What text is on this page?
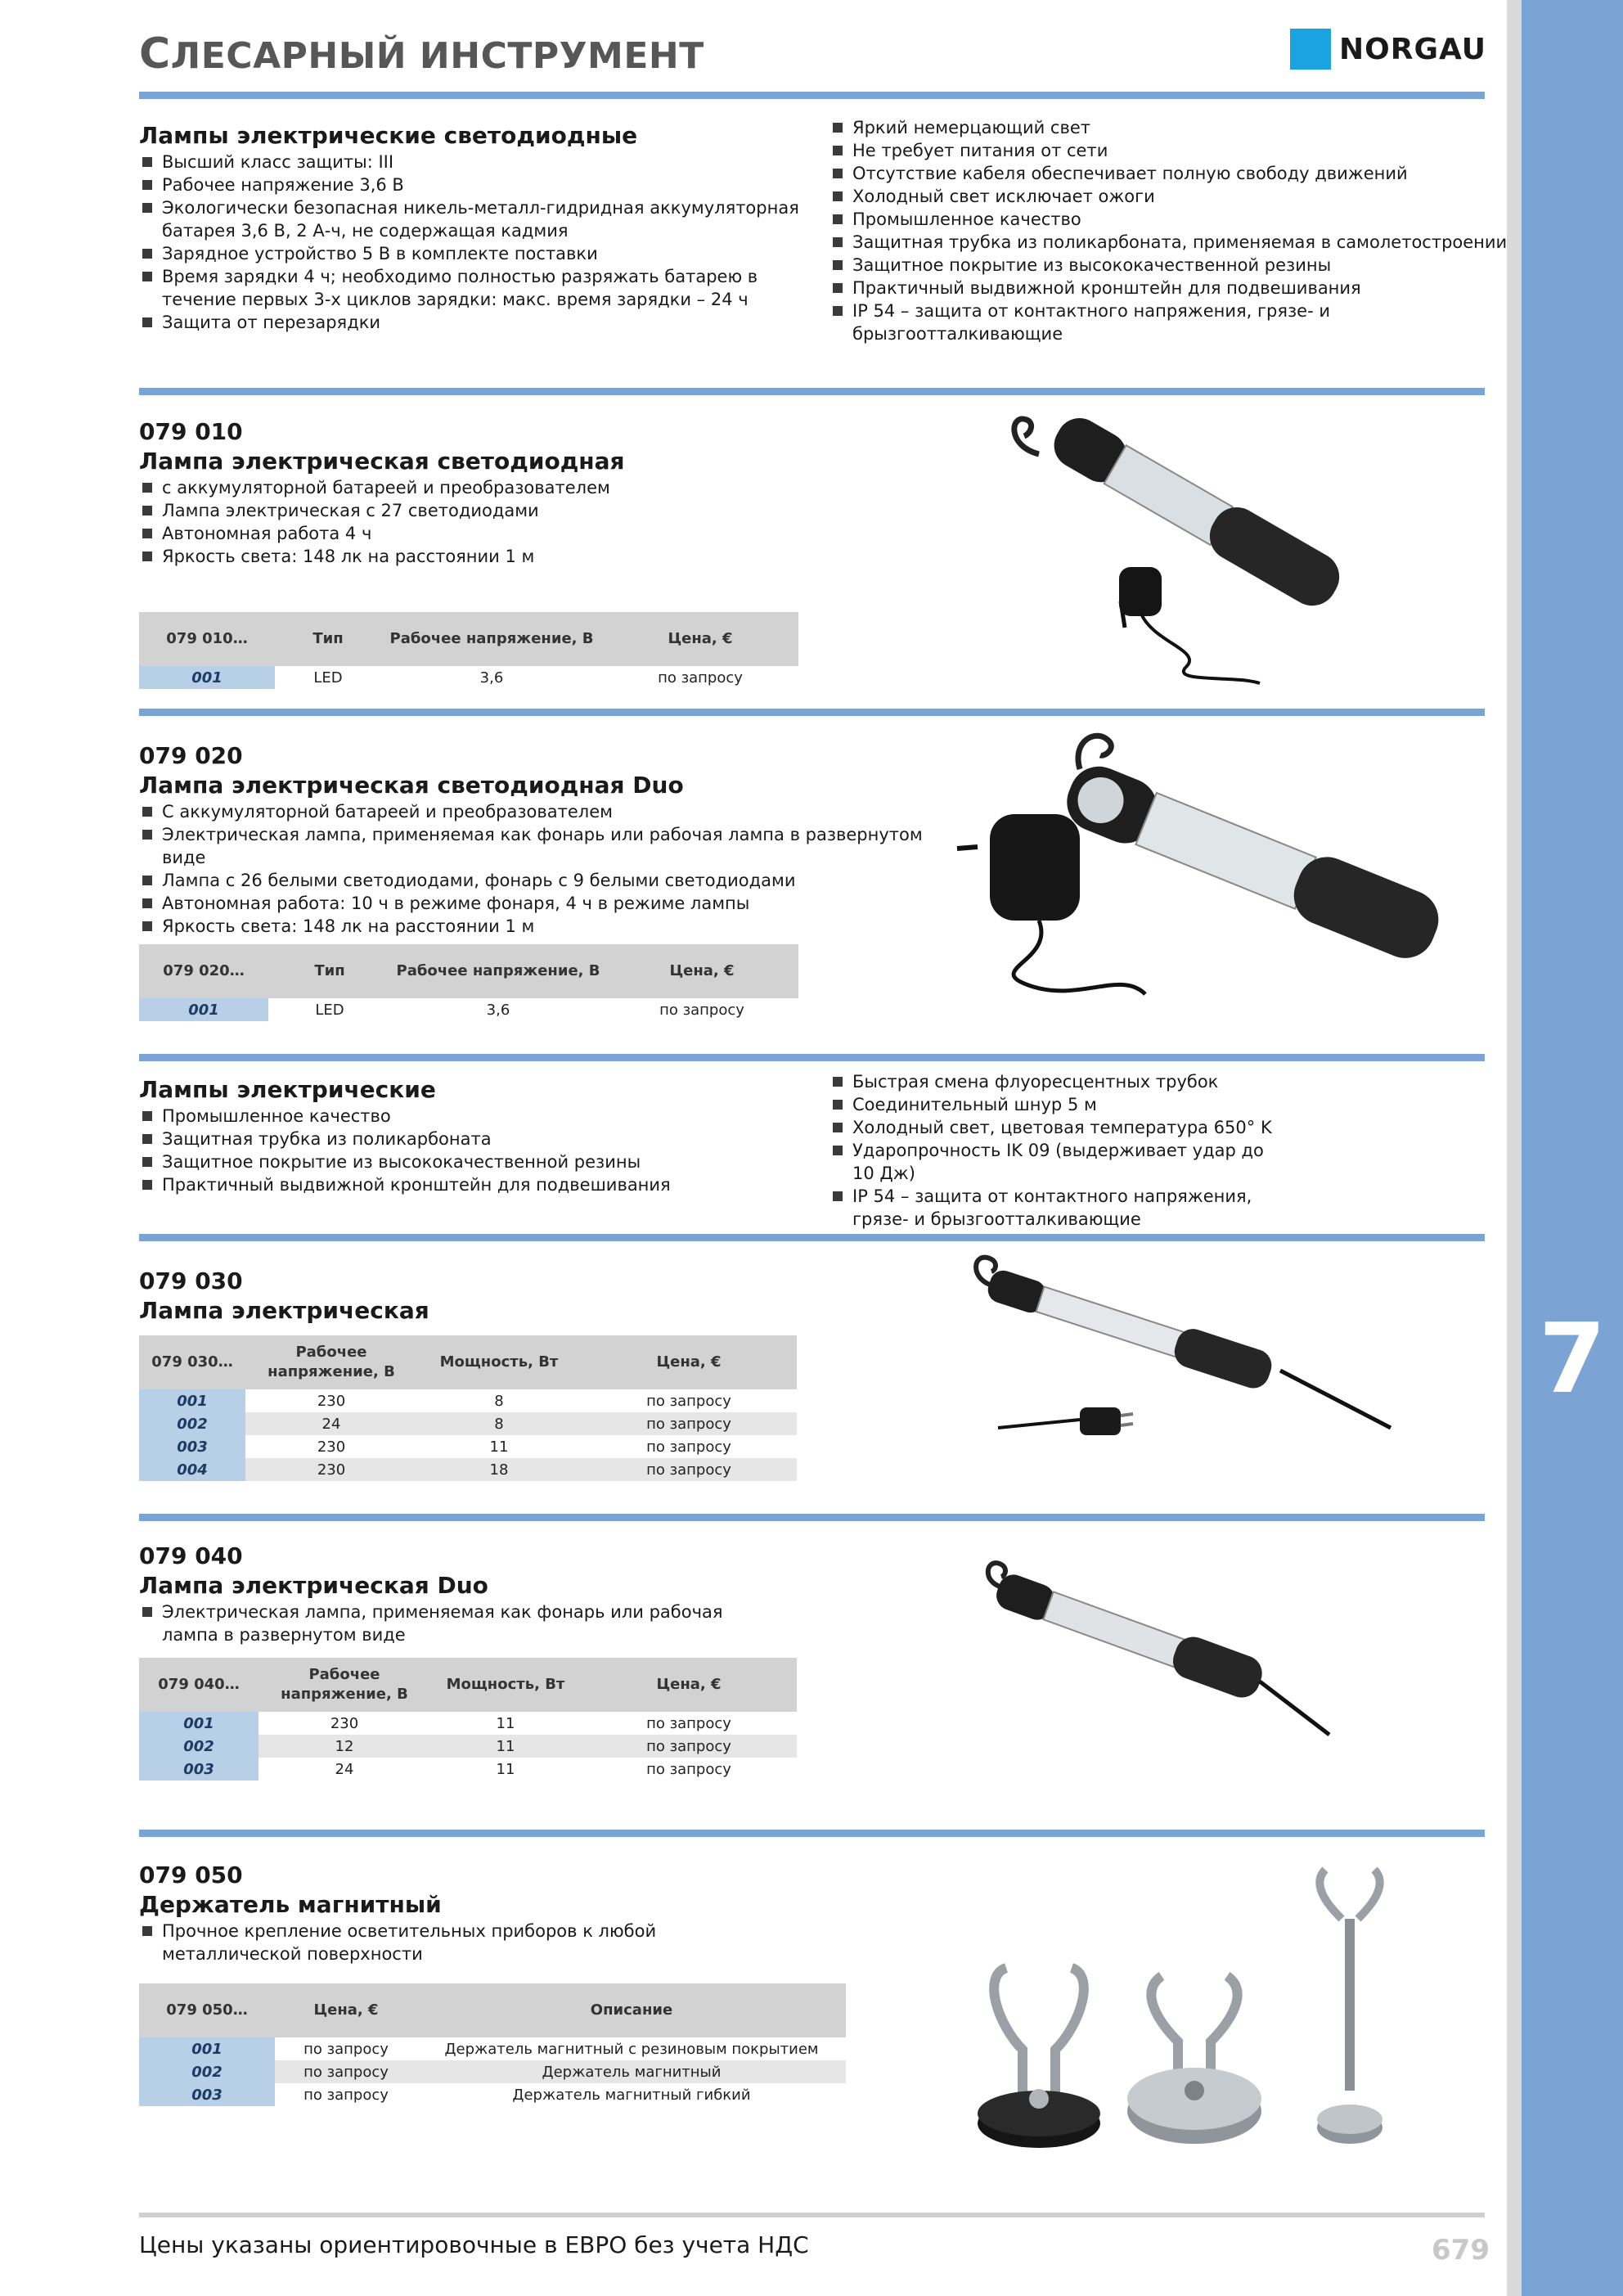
7
СЛЕСАРНЫЙ ИНСТРУМЕНТ	NORGAU
Лампы электрические светодиодные
Высший класс защиты: III
Рабочее напряжение 3,6 В
Экологически безопасная никель-металл-гидридная аккумуляторная батарея 3,6 В, 2 А-ч, не содержащая кадмия
Зарядное устройство 5 В в комплекте поставки
Время зарядки 4 ч; необходимо полностью разряжать батарею в течение первых 3-х циклов зарядки: макс. время зарядки – 24 ч
Защита от перезарядки
Яркий немерцающий свет
Не требует питания от сети
Отсутствие кабеля обеспечивает полную свободу движений
Холодный свет исключает ожоги
Промышленное качество
Защитная трубка из поликарбоната, применяемая в самолетостроении
Защитное покрытие из высококачественной резины
Практичный выдвижной кронштейн для подвешивания
IP 54 – защита от контактного напряжения, грязе- и брызгоотталкивающие
079 010
Лампа электрическая светодиодная
с аккумуляторной батареей и преобразователем
Лампа электрическая с 27 светодиодами
Автономная работа 4 ч
Яркость света: 148 лк на расстоянии 1 м
079 010…	Тип	Рабочее напряжение, В	Цена, €
001	LED	3,6	по запросу
079 020
Лампа электрическая светодиодная Duo
С аккумуляторной батареей и преобразователем
Электрическая лампа, применяемая как фонарь или рабочая лампа в развернутом виде
Лампа с 26 белыми светодиодами, фонарь с 9 белыми светодиодами
Автономная работа: 10 ч в режиме фонаря, 4 ч в режиме лампы
Яркость света: 148 лк на расстоянии 1 м
079 020…	Тип	Рабочее напряжение, В	Цена, €
001	LED	3,6	по запросу
Лампы электрические
Промышленное качество
Защитная трубка из поликарбоната
Защитное покрытие из высококачественной резины
Практичный выдвижной кронштейн для подвешивания
Быстрая смена флуоресцентных трубок
Соединительный шнур 5 м
Холодный свет, цветовая температура 650° K
Ударопрочность IK 09 (выдерживает удар до 10 Дж)
IP 54 – защита от контактного напряжения, грязе- и брызгоотталкивающие
079 030
Лампа электрическая
079 030…	Рабочее напряжение, В	Мощность, Вт	Цена, €
001	230	8	по запросу
002	24	8	по запросу
003	230	11	по запросу
004	230	18	по запросу
079 040
Лампа электрическая Duo
Электрическая лампа, применяемая как фонарь или рабочая лампа в развернутом виде
079 040…	Рабочее напряжение, В	Мощность, Вт	Цена, €
001	230	11	по запросу
002	12	11	по запросу
003	24	11	по запросу
079 050
Держатель магнитный
Прочное крепление осветительных приборов к любой металлической поверхности
079 050…	Цена, €	Описание
001	по запросу	Держатель магнитный с резиновым покрытием
002	по запросу	Держатель магнитный
003	по запросу	Держатель магнитный гибкий
Цены указаны ориентировочные в ЕВРО без учета НДС	679
